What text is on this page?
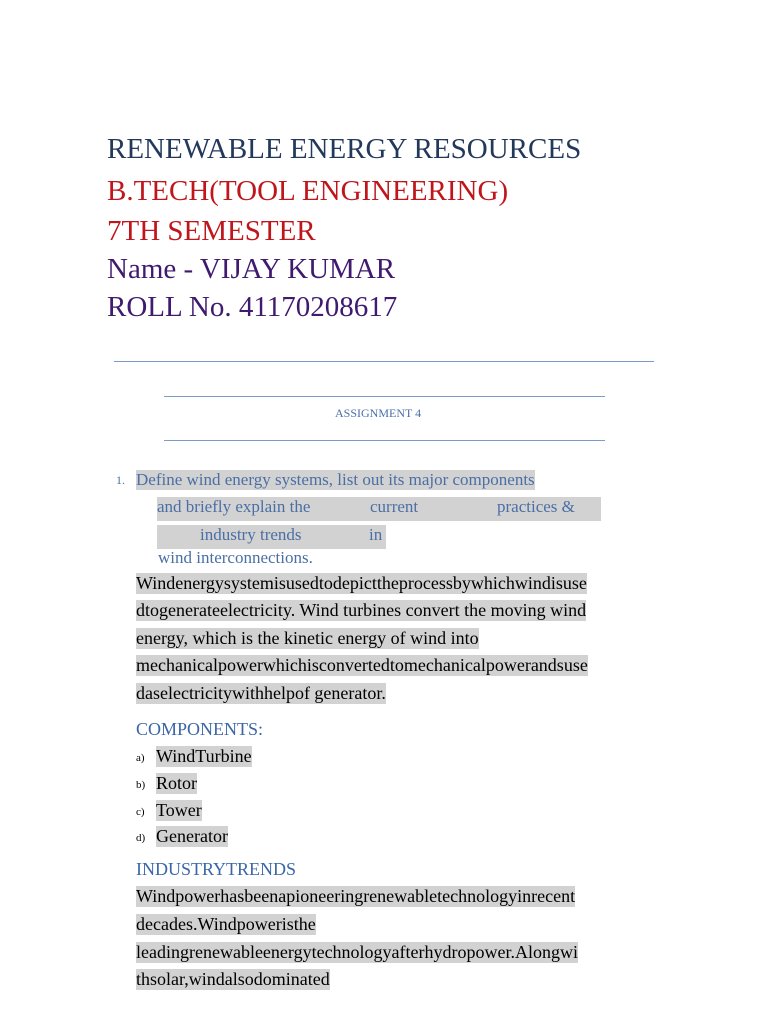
RENEWABLE ENERGY RESOURCES
B.TECH(TOOL ENGINEERING)
7TH SEMESTER
Name - VIJAY KUMAR
ROLL No. 41170208617
ASSIGNMENT 4
1. Define wind energy systems, list out its major components
and briefly explain the	current	practices &
industry trends	in
wind interconnections.
Windenergysystemisusedtodepicttheprocessbywhichwindisuse
dtogenerateelectricity. Wind turbines convert the moving wind
energy, which is the kinetic energy of wind into
mechanicalpowerwhichisconvertedtomechanicalpowerandsuse
daselectricitywithhelpof generator.
COMPONENTS:
a) WindTurbine
b) Rotor
c) Tower
d) Generator
INDUSTRYTRENDS
Windpowerhasbeenapioneeringrenewabletechnologyinrecent
decades.Windpoweristhe
leadingrenewableenergytechnologyafterhydropower.Alongwi
thsolar,windalsodominated
